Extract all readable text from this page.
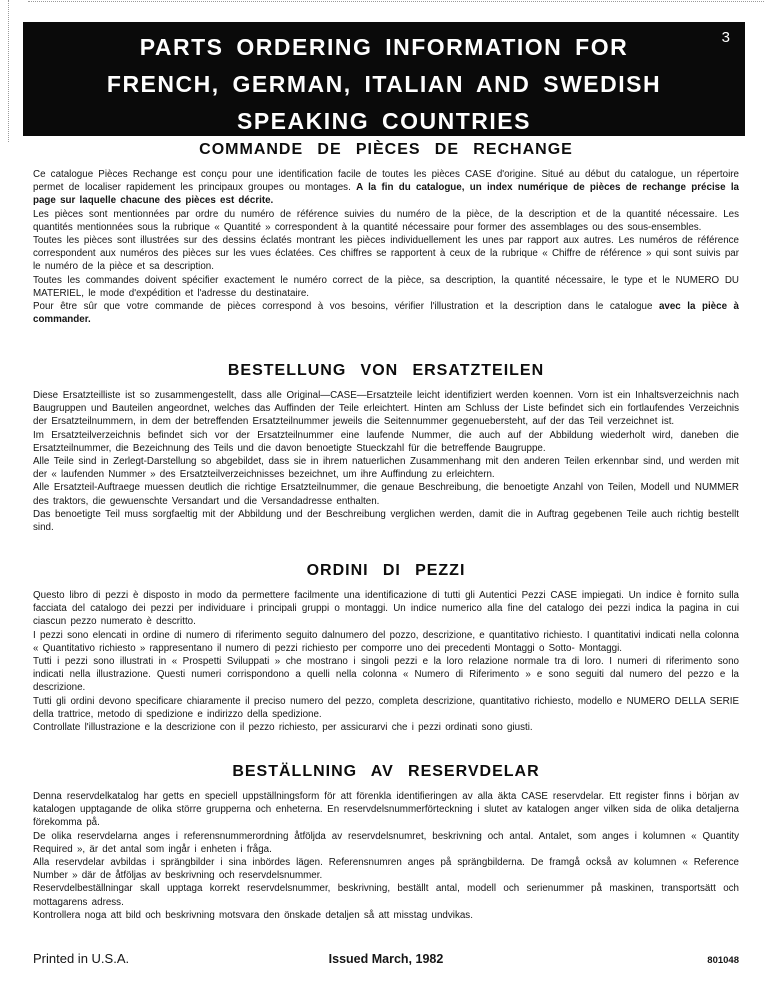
PARTS ORDERING INFORMATION FOR
FRENCH, GERMAN, ITALIAN AND SWEDISH
SPEAKING COUNTRIES
3
COMMANDE DE PIÈCES DE RECHANGE

Ce catalogue Pièces Rechange est conçu pour une identification facile de toutes les pièces CASE d'origine. Situé au début du catalogue, un répertoire permet de localiser rapidement les principaux groupes ou montages. A la fin du catalogue, un index numérique de pièces de rechange précise la page sur laquelle chacune des pièces est décrite.

Les pièces sont mentionnées par ordre du numéro de référence suivies du numéro de la pièce, de la description et de la quantité nécessaire. Les quantités mentionnées sous la rubrique « Quantité » correspondent à la quantité nécessaire pour former des assemblages ou des sous-ensembles.

Toutes les pièces sont illustrées sur des dessins éclatés montrant les pièces individuellement les unes par rapport aux autres. Les numéros de référence correspondent aux numéros des pièces sur les vues éclatées. Ces chiffres se rapportent à ceux de la rubrique « Chiffre de référence » qui sont suivis par le numéro de la pièce et sa description.

Toutes les commandes doivent spécifier exactement le numéro correct de la pièce, sa description, la quantité nécessaire, le type et le NUMERO DU MATERIEL, le mode d'expédition et l'adresse du destinataire.

Pour être sûr que votre commande de pièces correspond à vos besoins, vérifier l'illustration et la description dans le catalogue avec la pièce à commander.

BESTELLUNG VON ERSATZTEILEN

Diese Ersatzteilliste ist so zusammengestellt, dass alle Original—CASE—Ersatzteile leicht identifiziert werden koennen. Vorn ist ein Inhaltsverzeichnis nach Baugruppen und Bauteilen angeordnet, welches das Auffinden der Teile erleichtert. Hinten am Schluss der Liste befindet sich ein fortlaufendes Verzeichnis der Ersatzteilnummern, in dem der betreffenden Ersatzteilnummer jeweils die Seitennummer gegenuebersteht, auf der das Teil verzeichnet ist.

Im Ersatzteilverzeichnis befindet sich vor der Ersatzteilnummer eine laufende Nummer, die auch auf der Abbildung wiederholt wird, daneben die Ersatzteilnummer, die Bezeichnung des Teils und die davon benoetigte Stueckzahl für die betreffende Baugruppe.

Alle Teile sind in Zerlegt-Darstellung so abgebildet, dass sie in ihrem natuerlichen Zusammenhang mit den anderen Teilen erkennbar sind, und werden mit der « laufenden Nummer » des Ersatzteilverzeichnisses bezeichnet, um ihre Auffindung zu erleichtern.

Alle Ersatzteil-Auftraege muessen deutlich die richtige Ersatzteilnummer, die genaue Beschreibung, die benoetigte Anzahl von Teilen, Modell und NUMMER des traktors, die gewuenschte Versandart und die Versandadresse enthalten.

Das benoetigte Teil muss sorgfaeltig mit der Abbildung und der Beschreibung verglichen werden, damit die in Auftrag gegebenen Teile auch richtig bestellt sind.

ORDINI DI PEZZI

Questo libro di pezzi è disposto in modo da permettere facilmente una identificazione di tutti gli Autentici Pezzi CASE impiegati. Un indice è fornito sulla facciata del catalogo dei pezzi per individuare i principali gruppi o montaggi. Un indice numerico alla fine del catalogo dei pezzi indica la pagina in cui ciascun pezzo numerato è descritto.

I pezzi sono elencati in ordine di numero di riferimento seguito dalnumero del pozzo, descrizione, e quantitativo richiesto. I quantitativi indicati nella colonna « Quantitativo richiesto » rappresentano il numero di pezzi richiesto per comporre uno dei precedenti Montaggi o Sotto- Montaggi.

Tutti i pezzi sono illustrati in « Prospetti Sviluppati » che mostrano i singoli pezzi e la loro relazione normale tra di loro. I numeri di riferimento sono indicati nella illustrazione. Questi numeri corrispondono a quelli nella colonna « Numero di Riferimento » e sono seguiti dal numero del pezzo e la descrizione.

Tutti gli ordini devono specificare chiaramente il preciso numero del pezzo, completa descrizione, quantitativo richiesto, modello e NUMERO DELLA SERIE della trattrice, metodo di spedizione e indirizzo della spedizione.

Controllate l'illustrazione e la descrizione con il pezzo richiesto, per assicurarvi che i pezzi ordinati sono giusti.

BESTÄLLNING AV RESERVDELAR

Denna reservdelkatalog har getts en speciell uppställningsform för att förenkla identifieringen av alla äkta CASE reservdelar. Ett register finns i början av katalogen upptagande de olika större grupperna och enheterna. En reservdelsnummerförteckning i slutet av katalogen anger vilken sida de olika detaljerna förekomma på.

De olika reservdelarna anges i referensnummerordning åtföljda av reservdelsnumret, beskrivning och antal. Antalet, som anges i kolumnen « Quantity Required », är det antal som ingår i enheten i fråga.

Alla reservdelar avbildas i sprängbilder i sina inbördes lägen. Referensnumren anges på sprängbilderna. De framgå också av kolumnen « Reference Number » där de åtföljas av beskrivning och reservdelsnummer.

Reservdelbeställningar skall upptaga korrekt reservdelsnummer, beskrivning, beställt antal, modell och serienummer på maskinen, transportsätt och mottagarens adress.

Kontrollera noga att bild och beskrivning motsvara den önskade detaljen så att misstag undvikas.

Printed in U.S.A.	Issued March, 1982	801048
